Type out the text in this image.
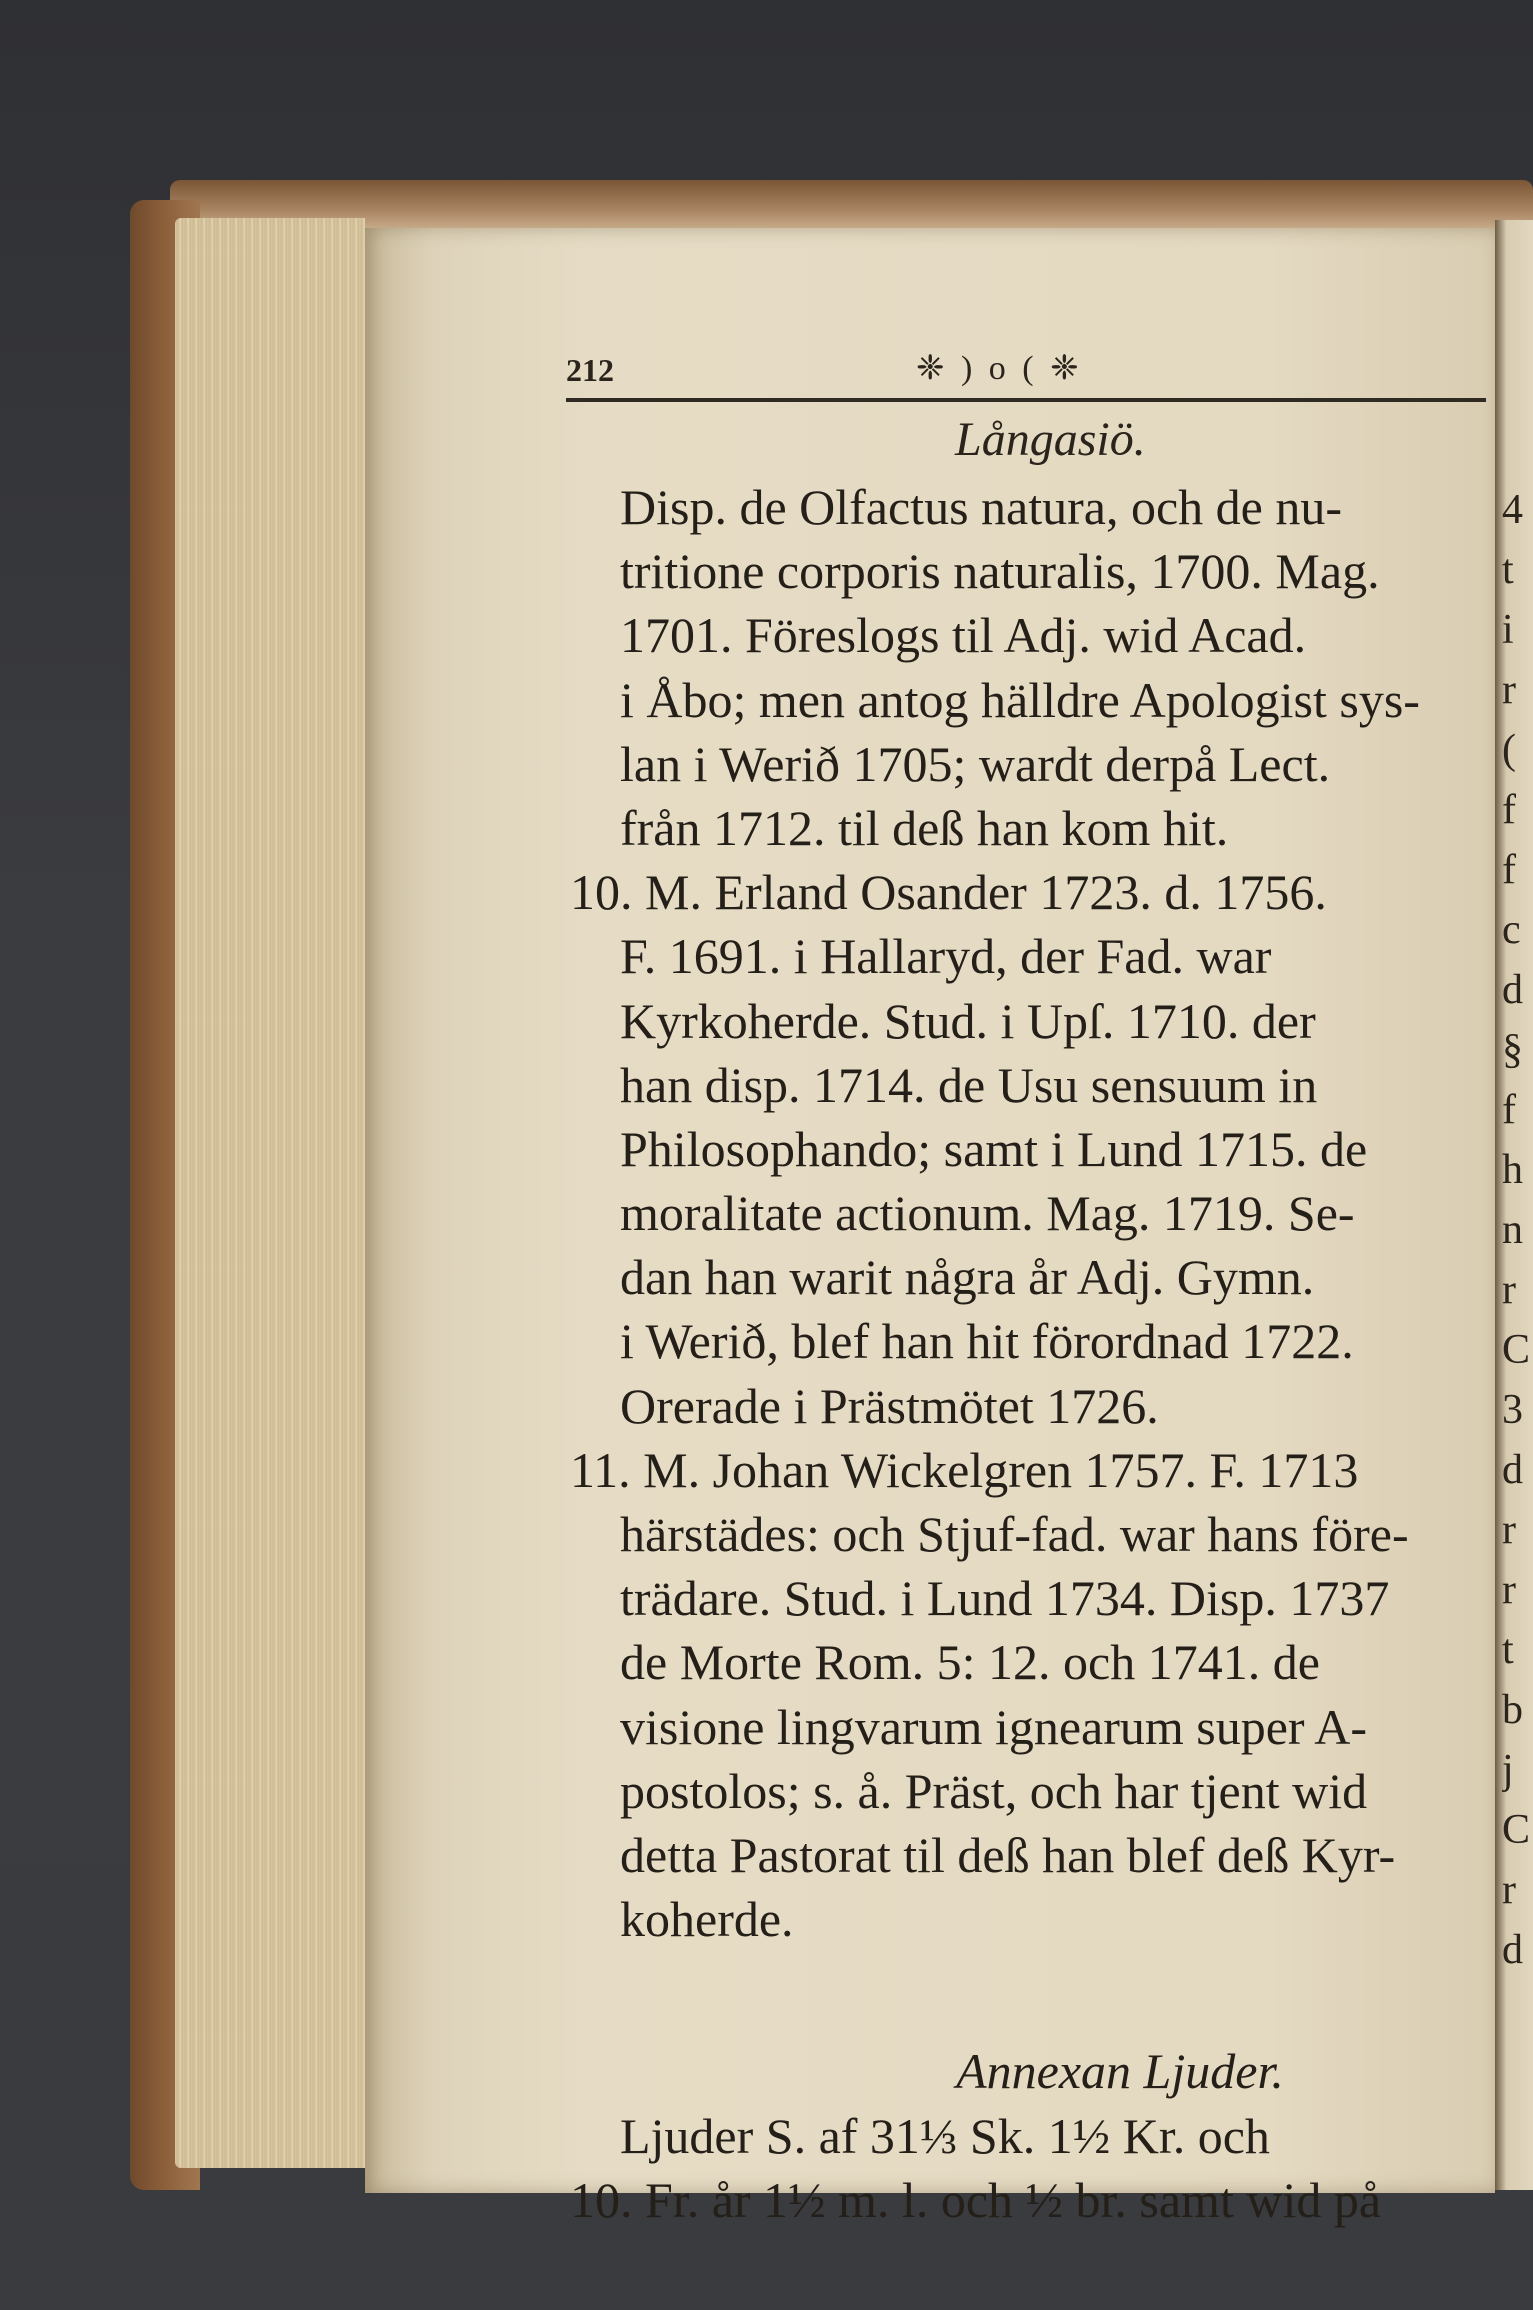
4
t
i
r
(
f
f
c
d
§
f
h
n
r
C
3
d
r
r
t
b
j
C
r
d
212	❈ ) o ( ❈
Långasiö.
Disp. de Olfactus natura, och de nu-
tritione corporis naturalis, 1700. Mag.
1701. Föreslogs til Adj. wid Acad.
i Åbo; men antog hälldre Apologist sys-
lan i Werið 1705; wardt derpå Lect.
från 1712. til deß han kom hit.
10. M. Erland Osander 1723. d. 1756.
F. 1691. i Hallaryd, der Fad. war
Kyrkoherde. Stud. i Upſ. 1710. der
han disp. 1714. de Usu sensuum in
Philosophando; samt i Lund 1715. de
moralitate actionum. Mag. 1719. Se-
dan han warit några år Adj. Gymn.
i Werið, blef han hit förordnad 1722.
Orerade i Prästmötet 1726.
11. M. Johan Wickelgren 1757. F. 1713
härstädes: och Stjuf-fad. war hans före-
trädare. Stud. i Lund 1734. Disp. 1737
de Morte Rom. 5: 12. och 1741. de
visione lingvarum ignearum super A-
postolos; s. å. Präst, och har tjent wid
detta Pastorat til deß han blef deß Kyr-
koherde.
Annexan Ljuder.
Ljuder S. af 31⅓ Sk. 1½ Kr. och
10. Fr. år 1½ m. l. och ½ br. samt wid på
